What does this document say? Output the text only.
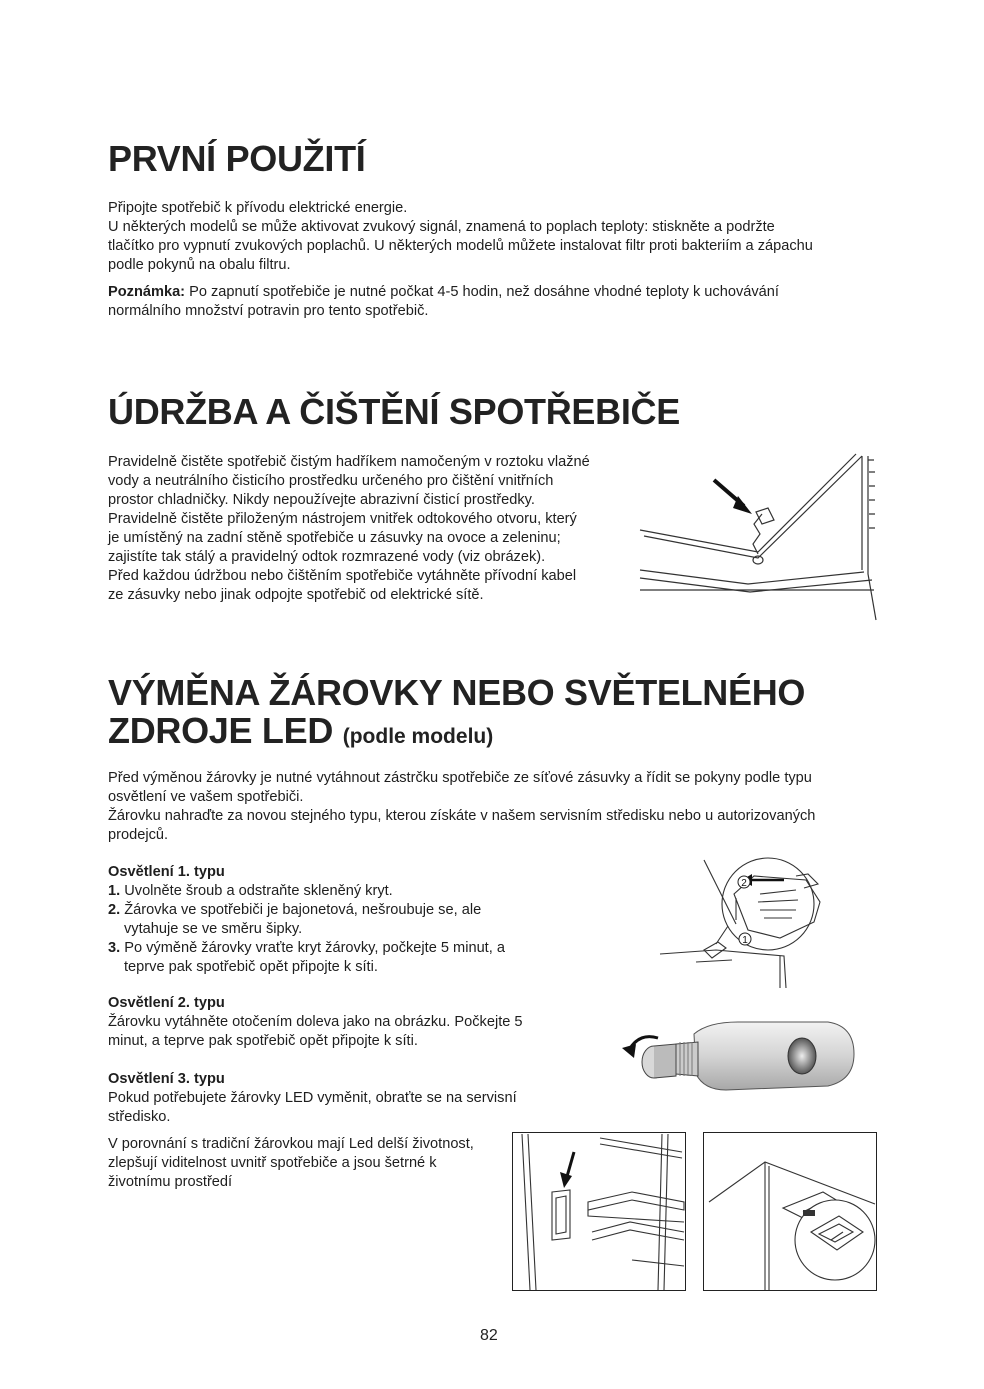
PRVNÍ POUŽITÍ

Připojte spotřebič k přívodu elektrické energie.

U některých modelů se může aktivovat zvukový signál, znamená to poplach teploty: stiskněte a podržte

tlačítko pro vypnutí zvukových poplachů. U některých modelů můžete instalovat filtr proti bakteriím a zápachu

podle pokynů na obalu filtru.

Poznámka: Po zapnutí spotřebiče je nutné počkat 4-5 hodin, než dosáhne vhodné teploty k uchovávání

normálního množství potravin pro tento spotřebič.

ÚDRŽBA A ČIŠTĚNÍ SPOTŘEBIČE

Pravidelně čistěte spotřebič čistým hadříkem namočeným v roztoku vlažné

vody a neutrálního čisticího prostředku určeného pro čištění vnitřních

prostor chladničky. Nikdy nepoužívejte abrazivní čisticí prostředky.

Pravidelně čistěte přiloženým nástrojem vnitřek odtokového otvoru, který

je umístěný na zadní stěně spotřebiče u zásuvky na ovoce a zeleninu;

zajistíte tak stálý a pravidelný odtok rozmrazené vody (viz obrázek).

Před každou údržbou nebo čištěním spotřebiče vytáhněte přívodní kabel

ze zásuvky nebo jinak odpojte spotřebič od elektrické sítě.

VÝMĚNA ŽÁROVKY NEBO SVĚTELNÉHO
ZDROJE LED (podle modelu)

Před výměnou žárovky je nutné vytáhnout zástrčku spotřebiče ze síťové zásuvky a řídit se pokyny podle typu

osvětlení ve vašem spotřebiči.

Žárovku nahraďte za novou stejného typu, kterou získáte v našem servisním středisku nebo u autorizovaných

prodejců.

Osvětlení 1. typu

1. Uvolněte šroub a odstraňte skleněný kryt.
2. Žárovka ve spotřebiči je bajonetová, nešroubuje se, ale
vytahuje se ve směru šipky.
3. Po výměně žárovky vraťte kryt žárovky, počkejte 5 minut, a
teprve pak spotřebič opět připojte k síti.
2
1

Osvětlení 2. typu

Žárovku vytáhněte otočením doleva jako na obrázku. Počkejte 5

minut, a teprve pak spotřebič opět připojte k síti.

Osvětlení 3. typu

Pokud potřebujete žárovky LED vyměnit, obraťte se na servisní

středisko.

V porovnání s tradiční žárovkou mají Led delší životnost,

zlepšují viditelnost uvnitř spotřebiče a jsou šetrné k

životnímu prostředí

82
